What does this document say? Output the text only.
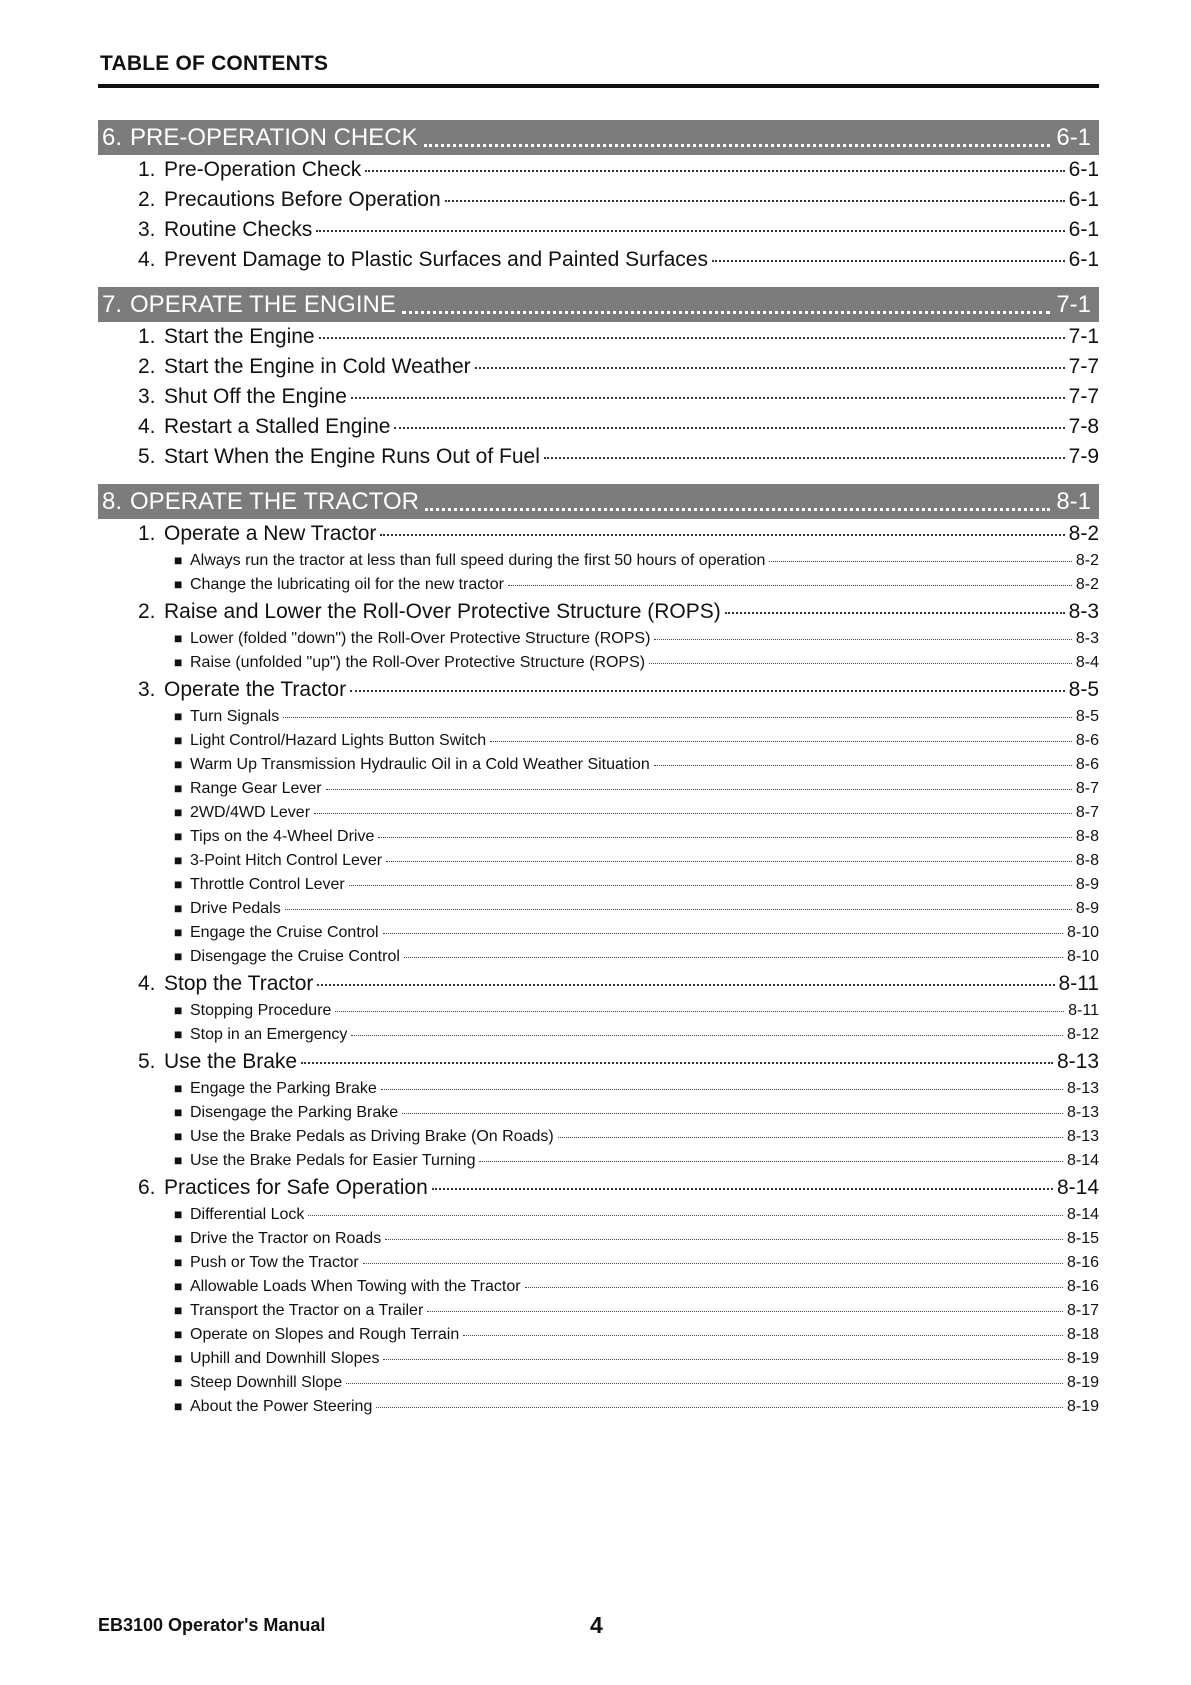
TABLE OF CONTENTS
6. PRE-OPERATION CHECK	6-1
1. Pre-Operation Check	6-1
2. Precautions Before Operation	6-1
3. Routine Checks	6-1
4. Prevent Damage to Plastic Surfaces and Painted Surfaces	6-1
7. OPERATE THE ENGINE	7-1
1. Start the Engine	7-1
2. Start the Engine in Cold Weather	7-7
3. Shut Off the Engine	7-7
4. Restart a Stalled Engine	7-8
5. Start When the Engine Runs Out of Fuel	7-9
8. OPERATE THE TRACTOR	8-1
1. Operate a New Tractor	8-2
■ Always run the tractor at less than full speed during the first 50 hours of operation	8-2
■ Change the lubricating oil for the new tractor	8-2
2. Raise and Lower the Roll-Over Protective Structure (ROPS)	8-3
■ Lower (folded "down") the Roll-Over Protective Structure (ROPS)	8-3
■ Raise (unfolded "up") the Roll-Over Protective Structure (ROPS)	8-4
3. Operate the Tractor	8-5
■ Turn Signals	8-5
■ Light Control/Hazard Lights Button Switch	8-6
■ Warm Up Transmission Hydraulic Oil in a Cold Weather Situation	8-6
■ Range Gear Lever	8-7
■ 2WD/4WD Lever	8-7
■ Tips on the 4-Wheel Drive	8-8
■ 3-Point Hitch Control Lever	8-8
■ Throttle Control Lever	8-9
■ Drive Pedals	8-9
■ Engage the Cruise Control	8-10
■ Disengage the Cruise Control	8-10
4. Stop the Tractor	8-11
■ Stopping Procedure	8-11
■ Stop in an Emergency	8-12
5. Use the Brake	8-13
■ Engage the Parking Brake	8-13
■ Disengage the Parking Brake	8-13
■ Use the Brake Pedals as Driving Brake (On Roads)	8-13
■ Use the Brake Pedals for Easier Turning	8-14
6. Practices for Safe Operation	8-14
■ Differential Lock	8-14
■ Drive the Tractor on Roads	8-15
■ Push or Tow the Tractor	8-16
■ Allowable Loads When Towing with the Tractor	8-16
■ Transport the Tractor on a Trailer	8-17
■ Operate on Slopes and Rough Terrain	8-18
■ Uphill and Downhill Slopes	8-19
■ Steep Downhill Slope	8-19
■ About the Power Steering	8-19
EB3100 Operator's Manual	4
